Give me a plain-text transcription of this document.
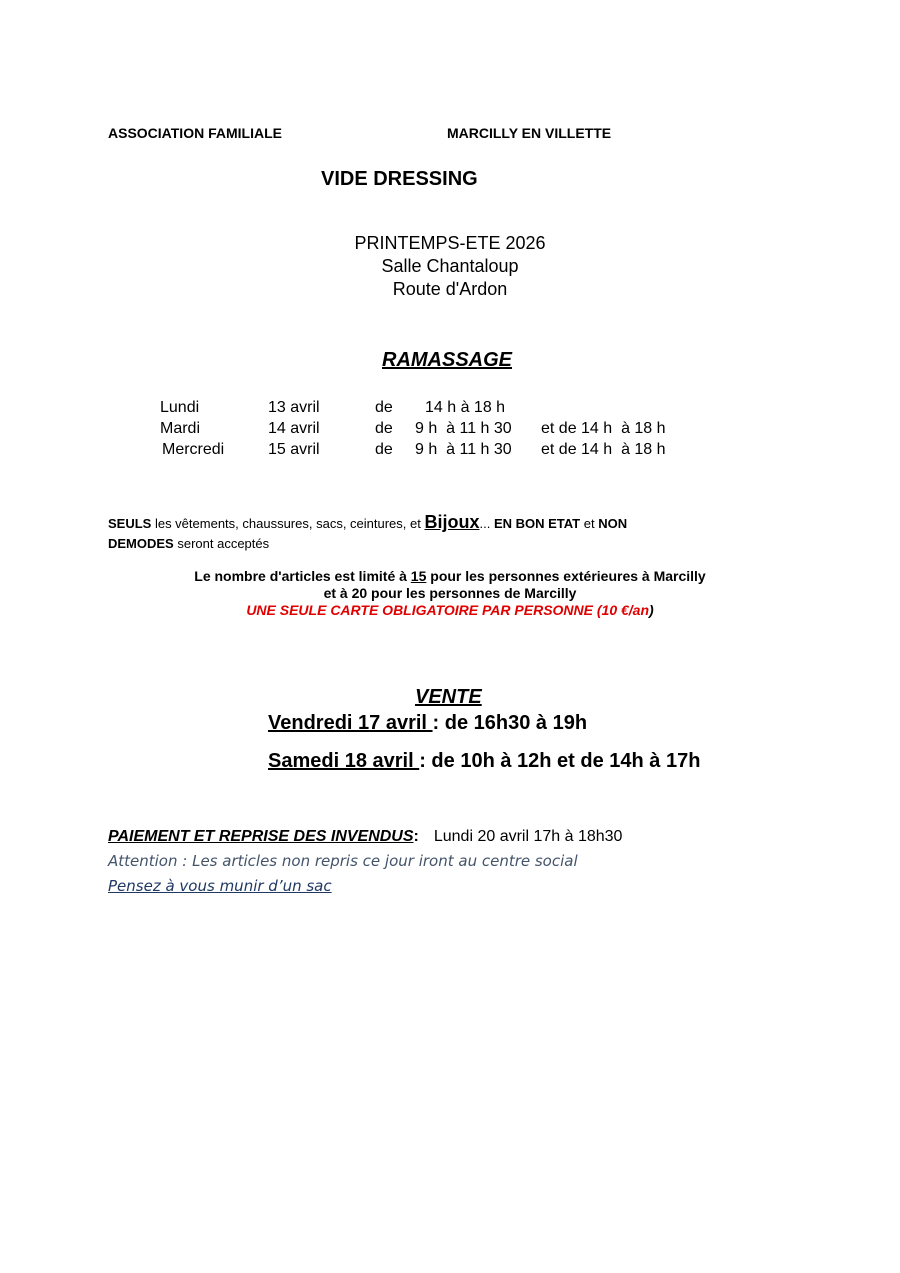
ASSOCIATION FAMILIALE	MARCILLY EN VILLETTE
VIDE DRESSING
PRINTEMPS-ETE 2026
Salle Chantaloup
Route d'Ardon
RAMASSAGE
Lundi	13 avril	de 14 h à 18 h
Mardi	14 avril	de 9 h  à 11 h 30 et de 14 h  à 18 h
Mercredi	15 avril	de 9 h  à 11 h 30 et de 14 h  à 18 h
SEULS les vêtements, chaussures, sacs, ceintures, et Bijoux... EN BON ETAT et NON
DEMODES seront acceptés
Le nombre d'articles est limité à 15 pour les personnes extérieures à Marcilly
et à 20 pour les personnes de Marcilly
UNE SEULE CARTE OBLIGATOIRE PAR PERSONNE (10 €/an)
VENTE
Vendredi 17 avril : de 16h30 à 19h
Samedi 18 avril : de 10h à 12h et de 14h à 17h
PAIEMENT ET REPRISE DES INVENDUS: Lundi 20 avril 17h à 18h30
Attention : Les articles non repris ce jour iront au centre social
Pensez à vous munir d’un sac
